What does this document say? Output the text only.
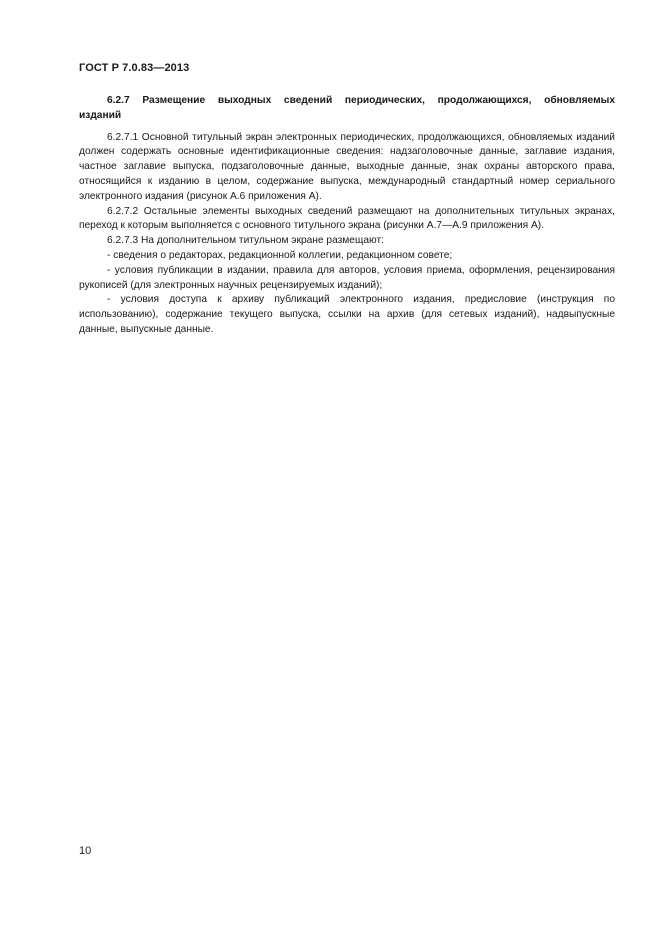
ГОСТ Р 7.0.83—2013

6.2.7 Размещение выходных сведений периодических, продолжающихся, обновляемых изданий

6.2.7.1 Основной титульный экран электронных периодических, продолжающихся, обновляемых изданий должен содержать основные идентификационные сведения: надзаголовочные данные, заглавие издания, частное заглавие выпуска, подзаголовочные данные, выходные данные, знак охраны авторского права, относящийся к изданию в целом, содержание выпуска, международный стандартный номер сериального электронного издания (рисунок А.6 приложения А).

6.2.7.2 Остальные элементы выходных сведений размещают на дополнительных титульных экранах, переход к которым выполняется с основного титульного экрана (рисунки А.7—А.9 приложения А).

6.2.7.3 На дополнительном титульном экране размещают:

- сведения о редакторах, редакционной коллегии, редакционном совете;

- условия публикации в издании, правила для авторов, условия приема, оформления, рецензирования рукописей (для электронных научных рецензируемых изданий);

- условия доступа к архиву публикаций электронного издания, предисловие (инструкция по использованию), содержание текущего выпуска, ссылки на архив (для сетевых изданий), надвыпускные данные, выпускные данные.

10
